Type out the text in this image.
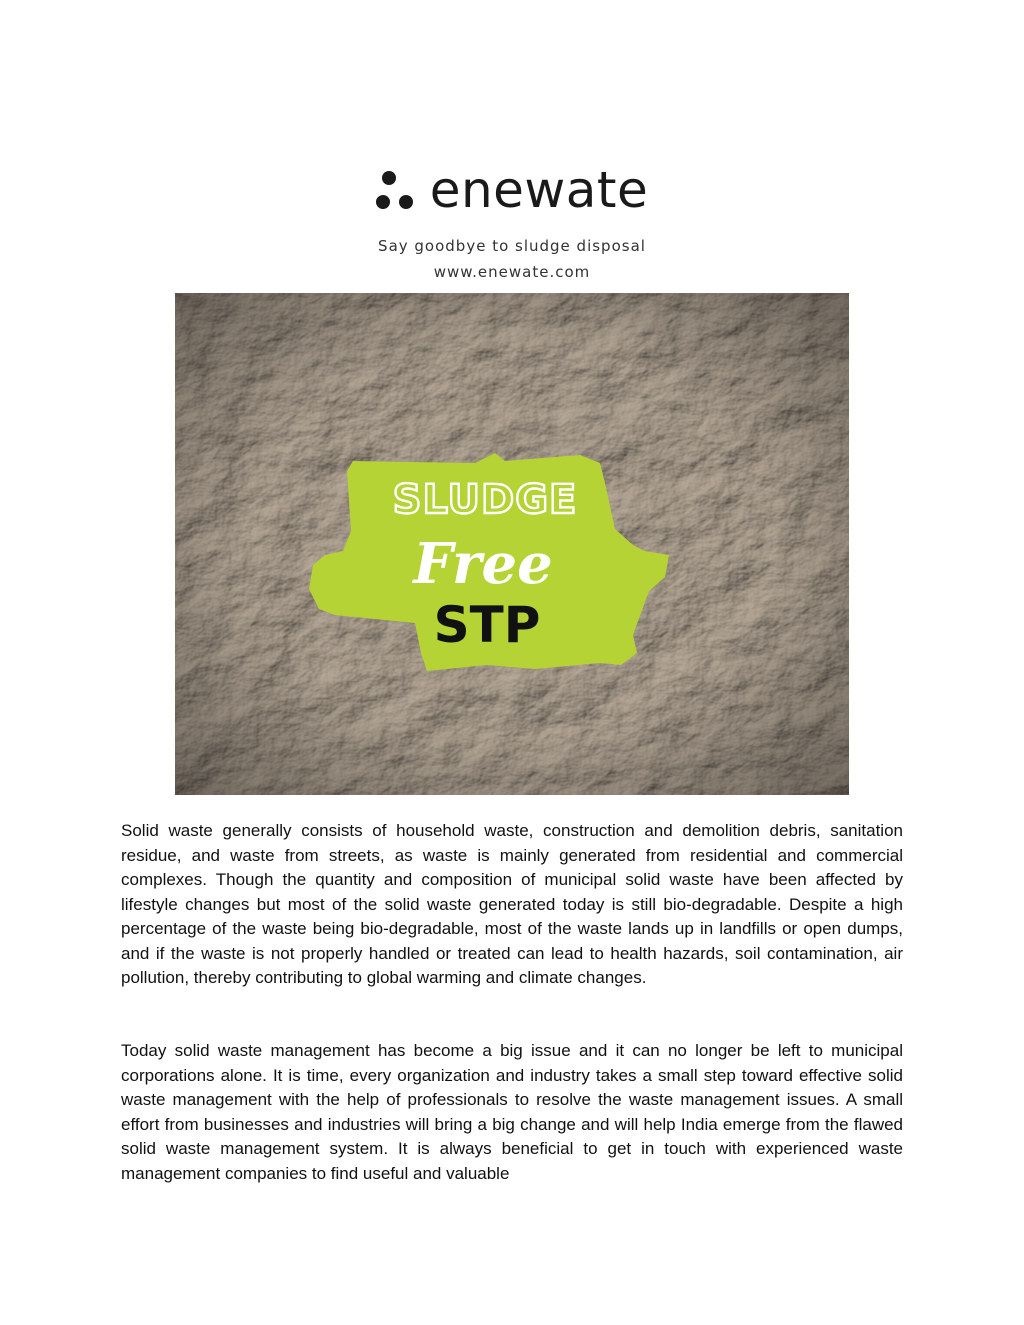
enewate
Say goodbye to sludge disposal
www.enewate.com
SLUDGE
Free
STP

Solid waste generally consists of household waste, construction and demolition debris, sanitation residue, and waste from streets, as waste is mainly generated from residential and commercial complexes. Though the quantity and composition of municipal solid waste have been affected by lifestyle changes but most of the solid waste generated today is still bio-degradable. Despite a high percentage of the waste being bio-degradable, most of the waste lands up in landfills or open dumps, and if the waste is not properly handled or treated can lead to health hazards, soil contamination, air pollution, thereby contributing to global warming and climate changes.

Today solid waste management has become a big issue and it can no longer be left to municipal corporations alone. It is time, every organization and industry takes a small step toward effective solid waste management with the help of professionals to resolve the waste management issues. A small effort from businesses and industries will bring a big change and will help India emerge from the flawed solid waste management system. It is always beneficial to get in touch with experienced waste management companies to find useful and valuable
